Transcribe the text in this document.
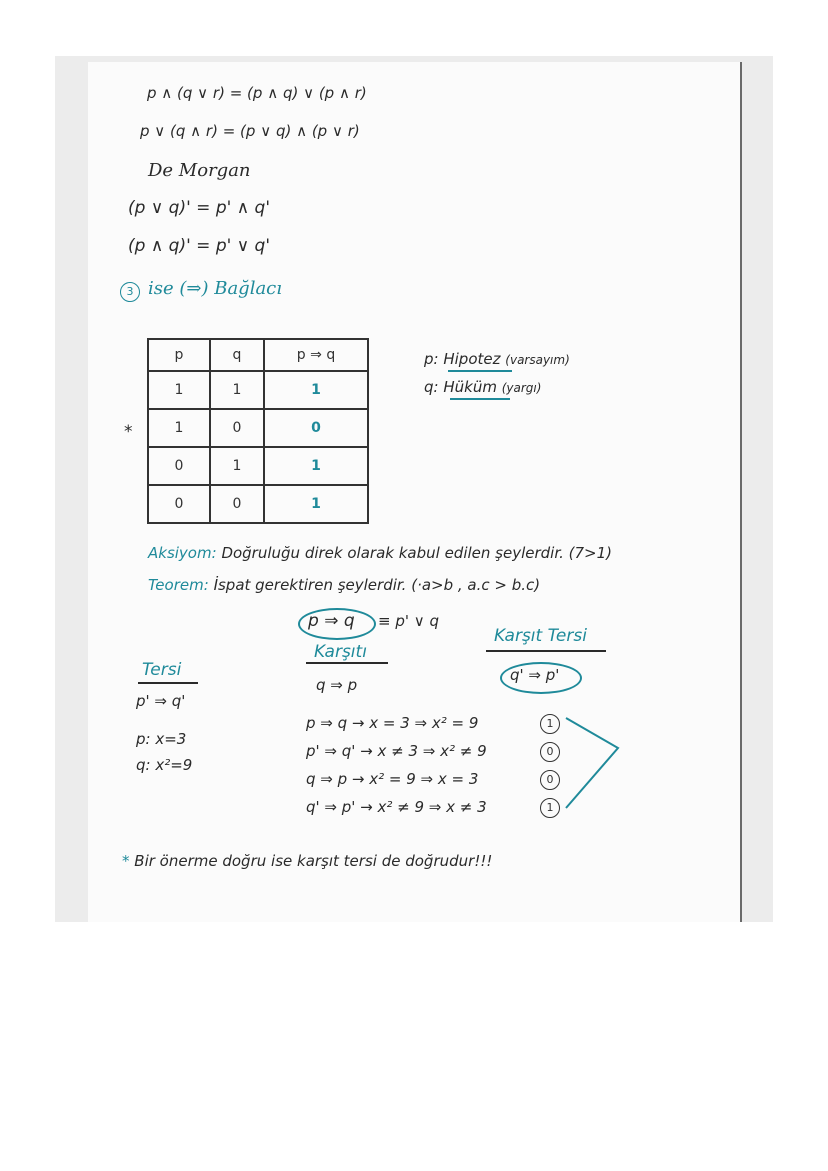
p ∧ (q ∨ r) = (p ∧ q) ∨ (p ∧ r)
p ∨ (q ∧ r) = (p ∨ q) ∧ (p ∨ r)
De Morgan
(p ∨ q)' = p' ∧ q'
(p ∧ q)' = p' ∨ q'
3 ise (⇒) Bağlacı
*
p	q	p ⇒ q
1	1	1
1	0	0
0	1	1
0	0	1
p: Hipotez (varsayım)
q: Hüküm (yargı)
Aksiyom: Doğruluğu direk olarak kabul edilen şeylerdir. (7>1)
Teorem: İspat gerektiren şeylerdir. (·a>b , a.c > b.c)
p ⇒ q ≡ p' ∨ q
Tersi
p' ⇒ q'
Karşıtı
q ⇒ p
Karşıt Tersi
q' ⇒ p'
p: x=3
q: x²=9
p ⇒ q → x = 3 ⇒ x² = 9	1
p' ⇒ q' → x ≠ 3 ⇒ x² ≠ 9	0
q ⇒ p → x² = 9 ⇒ x = 3	0
q' ⇒ p' → x² ≠ 9 ⇒ x ≠ 3	1
* Bir önerme doğru ise karşıt tersi de doğrudur!!!
